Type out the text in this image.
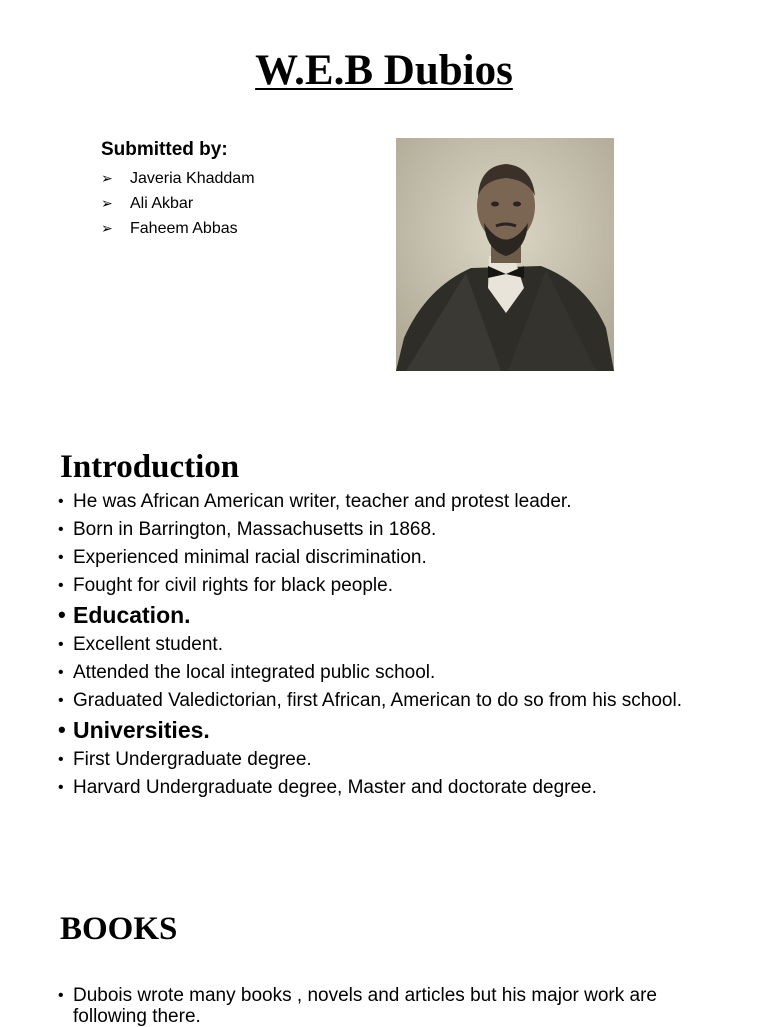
W.E.B Dubios
Submitted by:
➢	Javeria Khaddam
➢	Ali Akbar
➢	Faheem Abbas
Introduction
• He was African American writer, teacher and protest leader.
• Born in Barrington, Massachusetts in 1868.
• Experienced minimal racial discrimination.
• Fought for civil rights for black people.
• Education.
• Excellent student.
• Attended the local integrated public school.
• Graduated Valedictorian, first African, American to do so from his school.
• Universities.
• First Undergraduate degree.
• Harvard Undergraduate degree, Master and doctorate degree.
BOOKS
• Dubois wrote many books , novels and articles but his major work are following there.
